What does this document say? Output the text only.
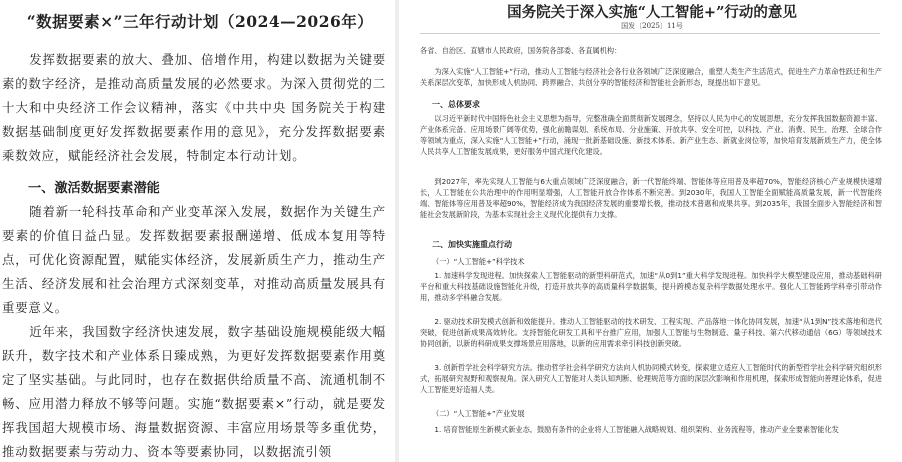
“数据要素×”三年行动计划（2024—2026年）

发挥数据要素的放大、叠加、倍增作用，构建以数据为关键要素的数字经济，是推动高质量发展的必然要求。为深入贯彻党的二十大和中央经济工作会议精神，落实《中共中央 国务院关于构建数据基础制度更好发挥数据要素作用的意见》，充分发挥数据要素乘数效应，赋能经济社会发展，特制定本行动计划。

一、激活数据要素潜能

随着新一轮科技革命和产业变革深入发展，数据作为关键生产要素的价值日益凸显。发挥数据要素报酬递增、低成本复用等特点，可优化资源配置，赋能实体经济，发展新质生产力，推动生产生活、经济发展和社会治理方式深刻变革，对推动高质量发展具有重要意义。

近年来，我国数字经济快速发展，数字基础设施规模能级大幅跃升，数字技术和产业体系日臻成熟，为更好发挥数据要素作用奠定了坚实基础。与此同时，也存在数据供给质量不高、流通机制不畅、应用潜力释放不够等问题。实施“数据要素×”行动，就是要发挥我国超大规模市场、海量数据资源、丰富应用场景等多重优势，推动数据要素与劳动力、资本等要素协同，以数据流引领

国务院关于深入实施“人工智能+”行动的意见
国发〔2025〕11号

各省、自治区、直辖市人民政府，国务院各部委、各直属机构：

为深入实施“人工智能+”行动，推动人工智能与经济社会各行业各领域广泛深度融合，重塑人类生产生活范式，促进生产力革命性跃迁和生产关系深层次变革，加快形成人机协同、跨界融合、共创分享的智能经济和智能社会新形态，现提出如下意见。

一、总体要求

以习近平新时代中国特色社会主义思想为指导，完整准确全面贯彻新发展理念，坚持以人民为中心的发展思想，充分发挥我国数据资源丰富、产业体系完备、应用场景广阔等优势，强化前瞻谋划、系统布局、分业施策、开放共享、安全可控，以科技、产业、消费、民生、治理、全球合作等领域为重点，深入实施“人工智能+”行动，涌现一批新基础设施、新技术体系、新产业生态、新就业岗位等，加快培育发展新质生产力，使全体人民共享人工智能发展成果，更好服务中国式现代化建设。

到2027年，率先实现人工智能与6大重点领域广泛深度融合，新一代智能终端、智能体等应用普及率超70%，智能经济核心产业规模快速增长，人工智能在公共治理中的作用明显增强，人工智能开放合作体系不断完善。到2030年，我国人工智能全面赋能高质量发展，新一代智能终端、智能体等应用普及率超90%，智能经济成为我国经济发展的重要增长极，推动技术普惠和成果共享。到2035年，我国全面步入智能经济和智能社会发展新阶段，为基本实现社会主义现代化提供有力支撑。

二、加快实施重点行动
（一）“人工智能+”科学技术

1. 加速科学发现进程。加快探索人工智能驱动的新型科研范式，加速“从0到1”重大科学发现进程。加快科学大模型建设应用，推动基础科研平台和重大科技基础设施智能化升级，打造开放共享的高质量科学数据集，提升跨模态复杂科学数据处理水平。强化人工智能跨学科牵引带动作用，推动多学科融合发展。

2. 驱动技术研发模式创新和效能提升。推动人工智能驱动的技术研发、工程实现、产品落地一体化协同发展，加速“从1到N”技术落地和迭代突破，促进创新成果高效转化。支持智能化研发工具和平台推广应用，加强人工智能与生物制造、量子科技、第六代移动通信（6G）等领域技术协同创新，以新的科研成果支撑场景应用落地，以新的应用需求牵引科技创新突破。

3. 创新哲学社会科学研究方法。推动哲学社会科学研究方法向人机协同模式转变，探索建立适应人工智能时代的新型哲学社会科学研究组织形式，拓展研究视野和观察视角。深入研究人工智能对人类认知判断、伦理规范等方面的深层次影响和作用机理，探索形成智能向善理论体系，促进人工智能更好造福人类。

（二）“人工智能+”产业发展

1. 培育智能原生新模式新业态。鼓励有条件的企业将人工智能融入战略规划、组织架构、业务流程等，推动产业全要素智能化发
